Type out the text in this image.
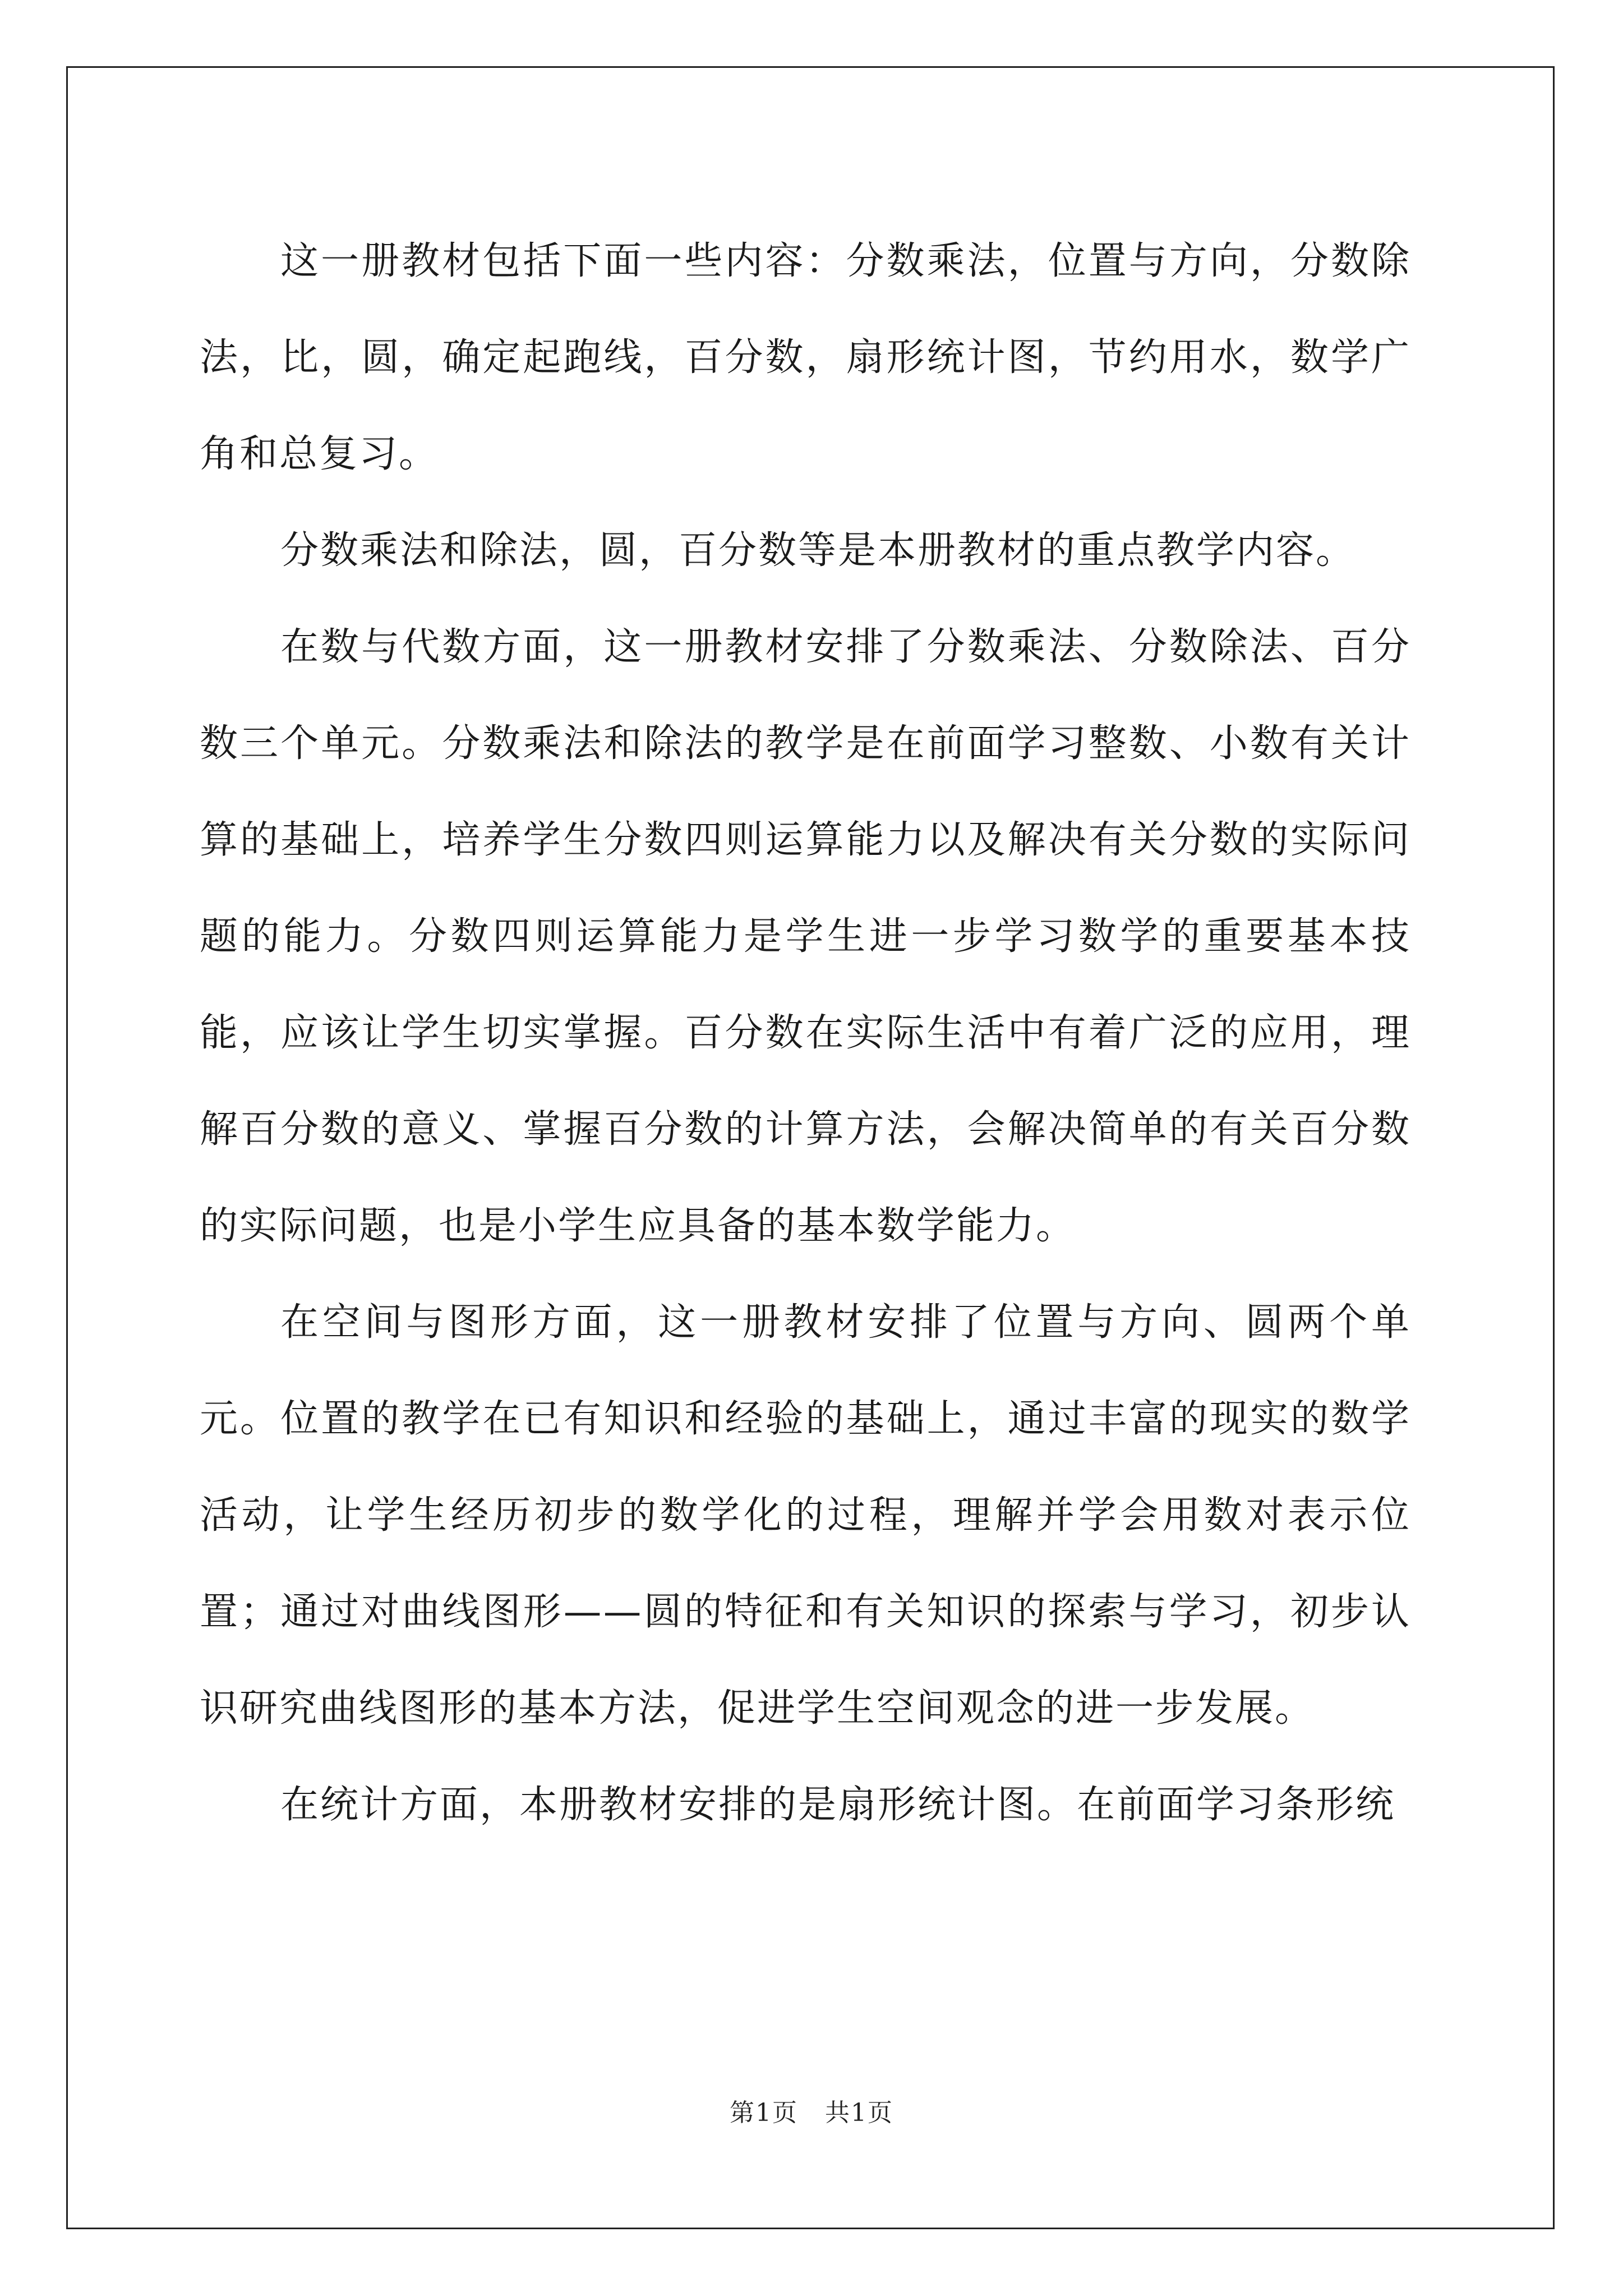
这一册教材包括下面一些内容：分数乘法，位置与方向，分数除法，比，圆，确定起跑线，百分数，扇形统计图，节约用水，数学广角和总复习。

分数乘法和除法，圆，百分数等是本册教材的重点教学内容。

在数与代数方面，这一册教材安排了分数乘法、分数除法、百分数三个单元。分数乘法和除法的教学是在前面学习整数、小数有关计算的基础上，培养学生分数四则运算能力以及解决有关分数的实际问题的能力。分数四则运算能力是学生进一步学习数学的重要基本技能，应该让学生切实掌握。百分数在实际生活中有着广泛的应用，理解百分数的意义、掌握百分数的计算方法，会解决简单的有关百分数的实际问题，也是小学生应具备的基本数学能力。

在空间与图形方面，这一册教材安排了位置与方向、圆两个单元。位置的教学在已有知识和经验的基础上，通过丰富的现实的数学活动，让学生经历初步的数学化的过程，理解并学会用数对表示位置；通过对曲线图形——圆的特征和有关知识的探索与学习，初步认识研究曲线图形的基本方法，促进学生空间观念的进一步发展。

在统计方面，本册教材安排的是扇形统计图。在前面学习条形统

第1页 共1页
